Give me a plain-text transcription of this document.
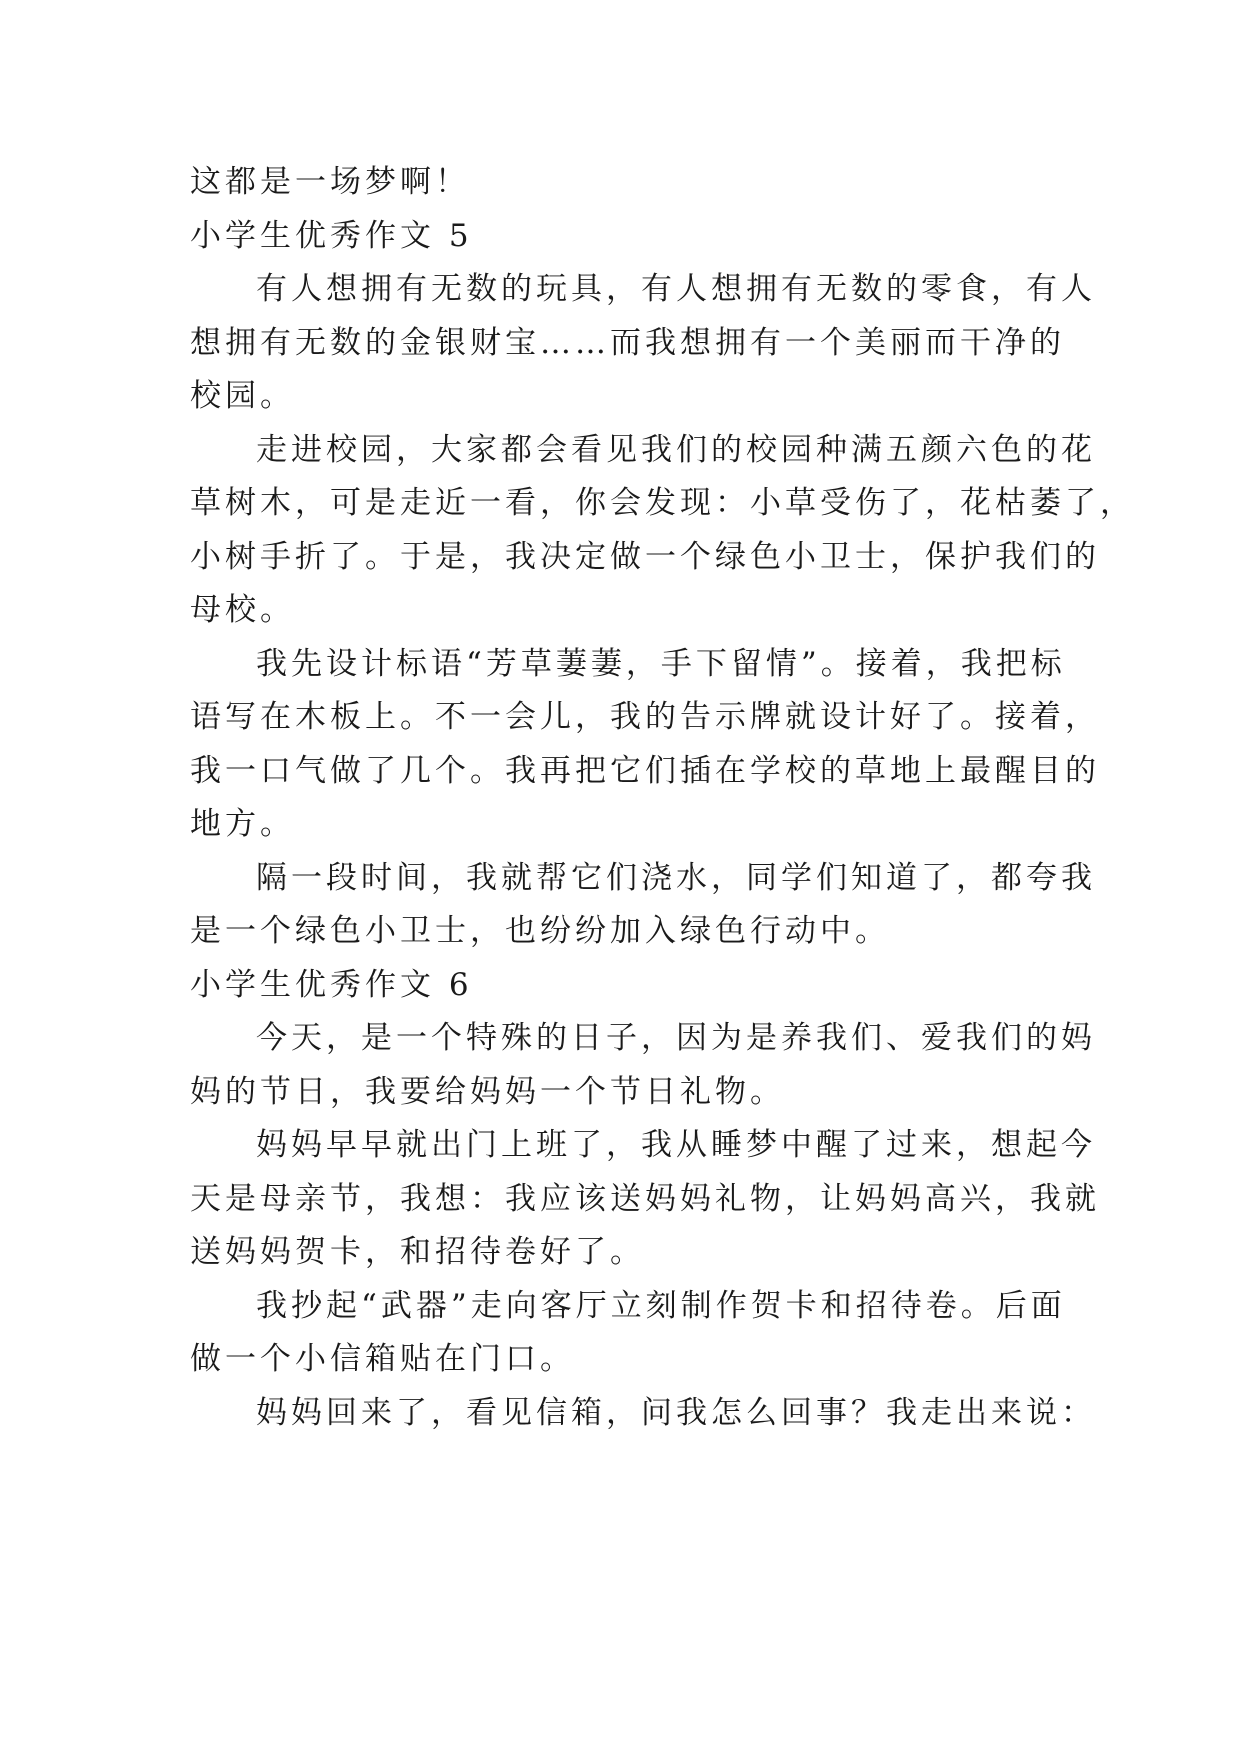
这都是一场梦啊！
小学生优秀作文 5
有人想拥有无数的玩具，有人想拥有无数的零食，有人
想拥有无数的金银财宝……而我想拥有一个美丽而干净的
校园。
走进校园，大家都会看见我们的校园种满五颜六色的花
草树木，可是走近一看，你会发现：小草受伤了，花枯萎了，
小树手折了。于是，我决定做一个绿色小卫士，保护我们的
母校。
我先设计标语“芳草萋萋，手下留情”。接着，我把标
语写在木板上。不一会儿，我的告示牌就设计好了。接着，
我一口气做了几个。我再把它们插在学校的草地上最醒目的
地方。
隔一段时间，我就帮它们浇水，同学们知道了，都夸我
是一个绿色小卫士，也纷纷加入绿色行动中。
小学生优秀作文 6
今天，是一个特殊的日子，因为是养我们、爱我们的妈
妈的节日，我要给妈妈一个节日礼物。
妈妈早早就出门上班了，我从睡梦中醒了过来，想起今
天是母亲节，我想：我应该送妈妈礼物，让妈妈高兴，我就
送妈妈贺卡，和招待卷好了。
我抄起“武器”走向客厅立刻制作贺卡和招待卷。后面
做一个小信箱贴在门口。
妈妈回来了，看见信箱，问我怎么回事？我走出来说：
